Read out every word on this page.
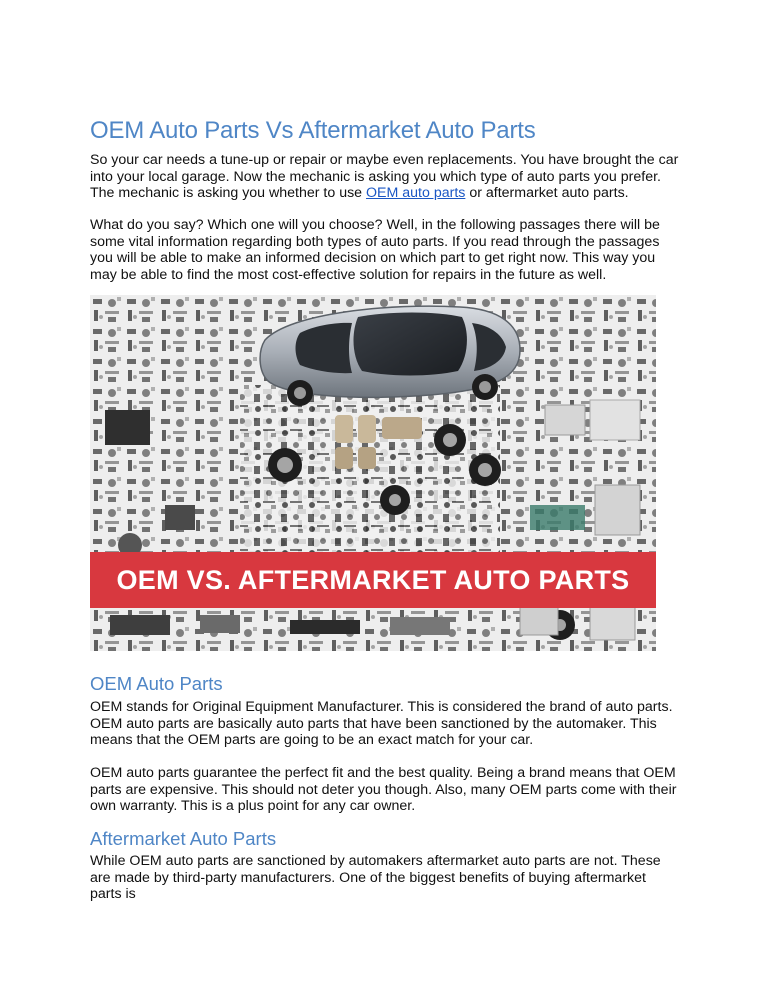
OEM Auto Parts Vs Aftermarket Auto Parts

So your car needs a tune-up or repair or maybe even replacements. You have brought the car into your local garage. Now the mechanic is asking you which type of auto parts you prefer. The mechanic is asking you whether to use OEM auto parts or aftermarket auto parts.

What do you say? Which one will you choose? Well, in the following passages there will be some vital information regarding both types of auto parts. If you read through the passages you will be able to make an informed decision on which part to get right now. This way you may be able to find the most cost-effective solution for repairs in the future as well.

OEM VS. AFTERMARKET AUTO PARTS
OEM Auto Parts

OEM stands for Original Equipment Manufacturer. This is considered the brand of auto parts. OEM auto parts are basically auto parts that have been sanctioned by the automaker. This means that the OEM parts are going to be an exact match for your car.

OEM auto parts guarantee the perfect fit and the best quality. Being a brand means that OEM parts are expensive. This should not deter you though. Also, many OEM parts come with their own warranty. This is a plus point for any car owner.

Aftermarket Auto Parts

While OEM auto parts are sanctioned by automakers aftermarket auto parts are not. These are made by third-party manufacturers. One of the biggest benefits of buying aftermarket parts is
